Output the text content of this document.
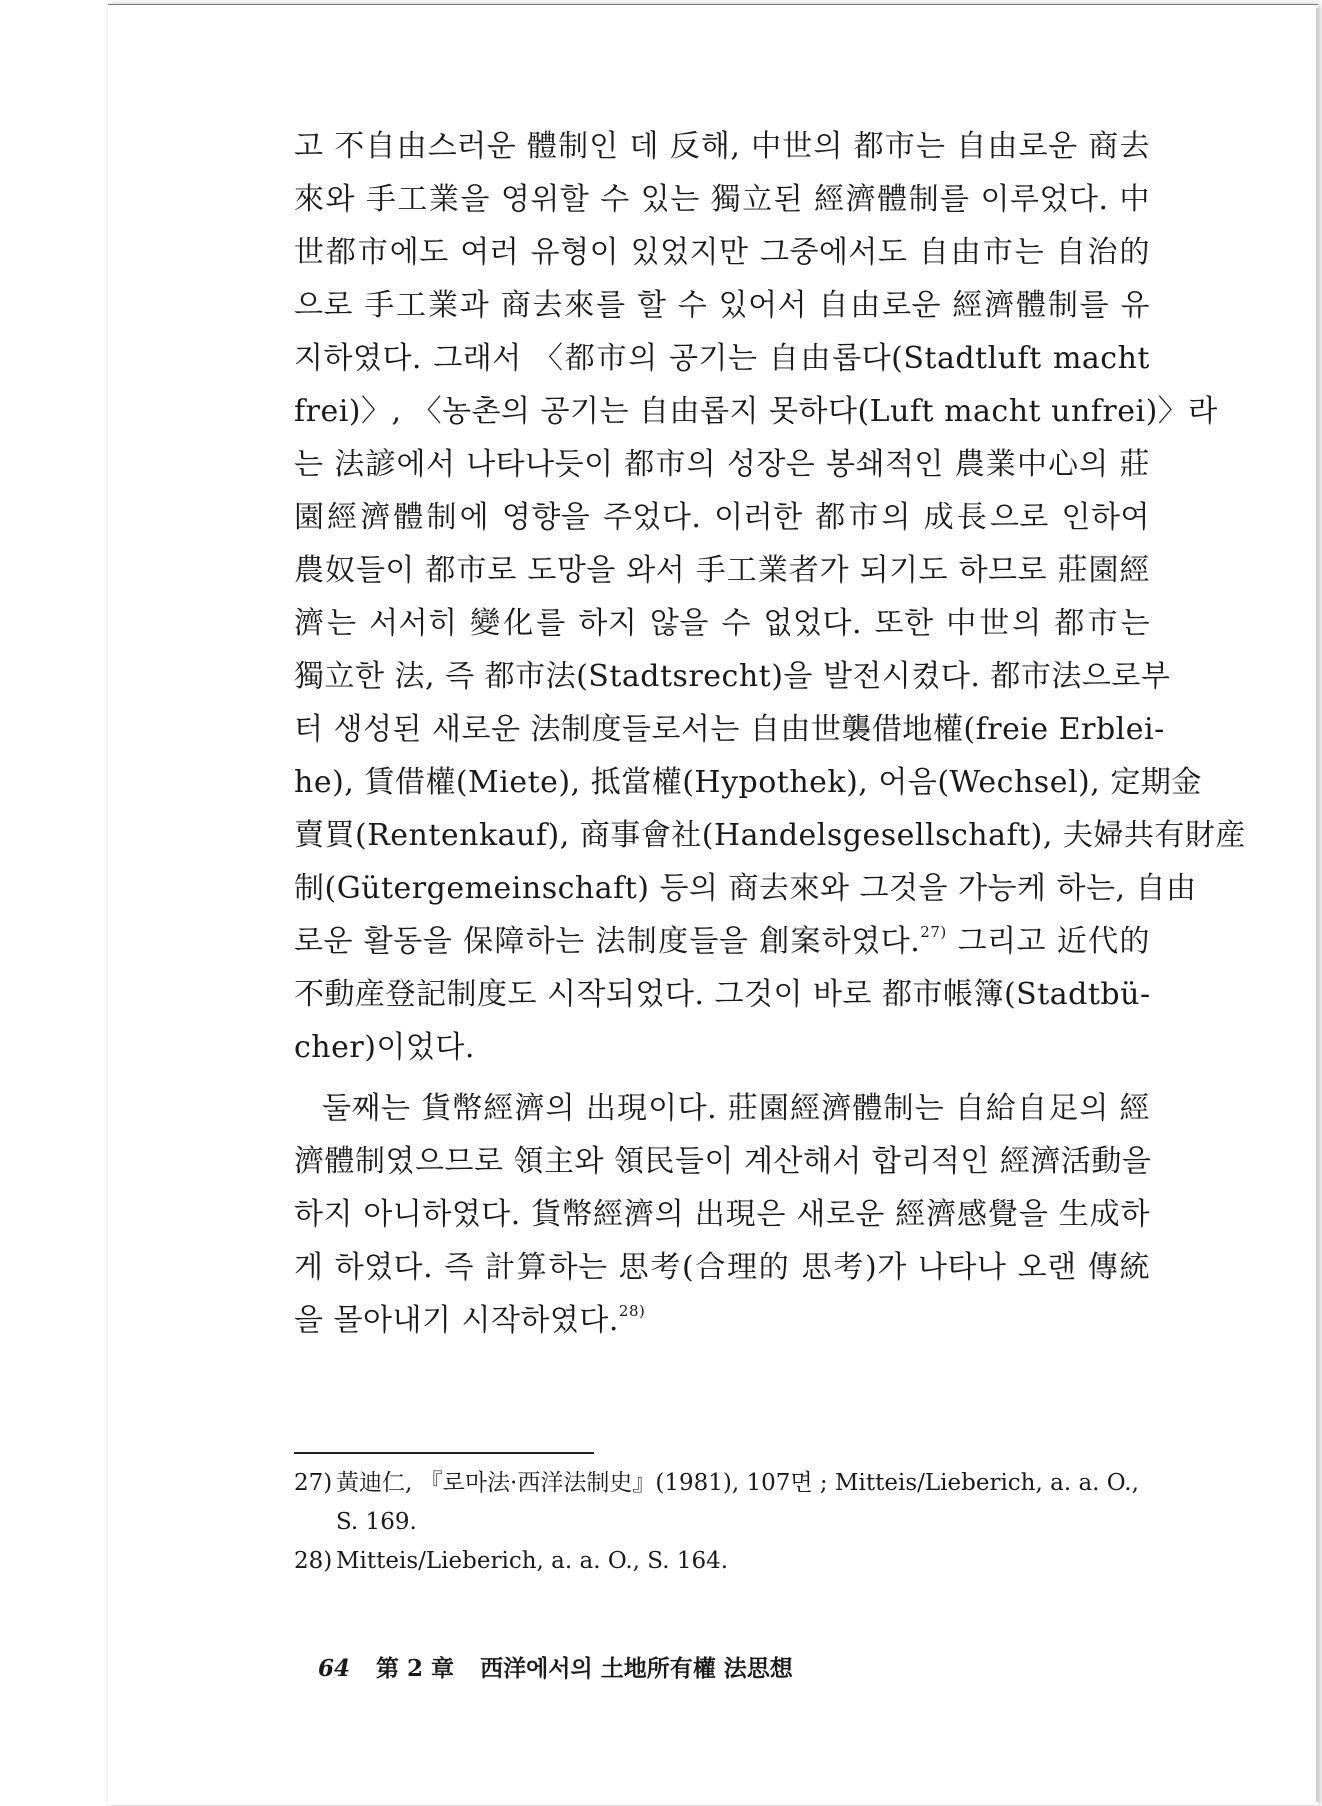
고 不自由스러운 體制인 데 反해, 中世의 都市는 自由로운 商去
來와 手工業을 영위할 수 있는 獨立된 經濟體制를 이루었다. 中
世都市에도 여러 유형이 있었지만 그중에서도 自由市는 自治的
으로 手工業과 商去來를 할 수 있어서 自由로운 經濟體制를 유
지하였다. 그래서 〈都市의 공기는 自由롭다(Stadtluft macht
frei)〉, 〈농촌의 공기는 自由롭지 못하다(Luft macht unfrei)〉라
는 法諺에서 나타나듯이 都市의 성장은 봉쇄적인 農業中心의 莊
園經濟體制에 영향을 주었다. 이러한 都市의 成長으로 인하여
農奴들이 都市로 도망을 와서 手工業者가 되기도 하므로 莊園經
濟는 서서히 變化를 하지 않을 수 없었다. 또한 中世의 都市는
獨立한 法, 즉 都市法(Stadtsrecht)을 발전시켰다. 都市法으로부
터 생성된 새로운 法制度들로서는 自由世襲借地權(freie Erblei-
he), 賃借權(Miete), 抵當權(Hypothek), 어음(Wechsel), 定期金
賣買(Rentenkauf), 商事會社(Handelsgesellschaft), 夫婦共有財産
制(Gütergemeinschaft) 등의 商去來와 그것을 가능케 하는, 自由
로운 활동을 保障하는 法制度들을 創案하였다.$^{27)}$ 그리고 近代的
不動産登記制度도 시작되었다. 그것이 바로 都市帳簿(Stadtbü-
cher)이었다.
둘째는 貨幣經濟의 出現이다. 莊園經濟體制는 自給自足의 經
濟體制였으므로 領主와 領民들이 계산해서 합리적인 經濟活動을
하지 아니하였다. 貨幣經濟의 出現은 새로운 經濟感覺을 生成하
게 하였다. 즉 計算하는 思考(合理的 思考)가 나타나 오랜 傳統
을 몰아내기 시작하였다.$^{28)}$
27) 黃迪仁, 『로마法·西洋法制史』(1981), 107면 ; Mitteis/Lieberich, a. a. O., S. 169.
28) Mitteis/Lieberich, a. a. O., S. 164.
64 第 2 章 西洋에서의 土地所有權 法思想
